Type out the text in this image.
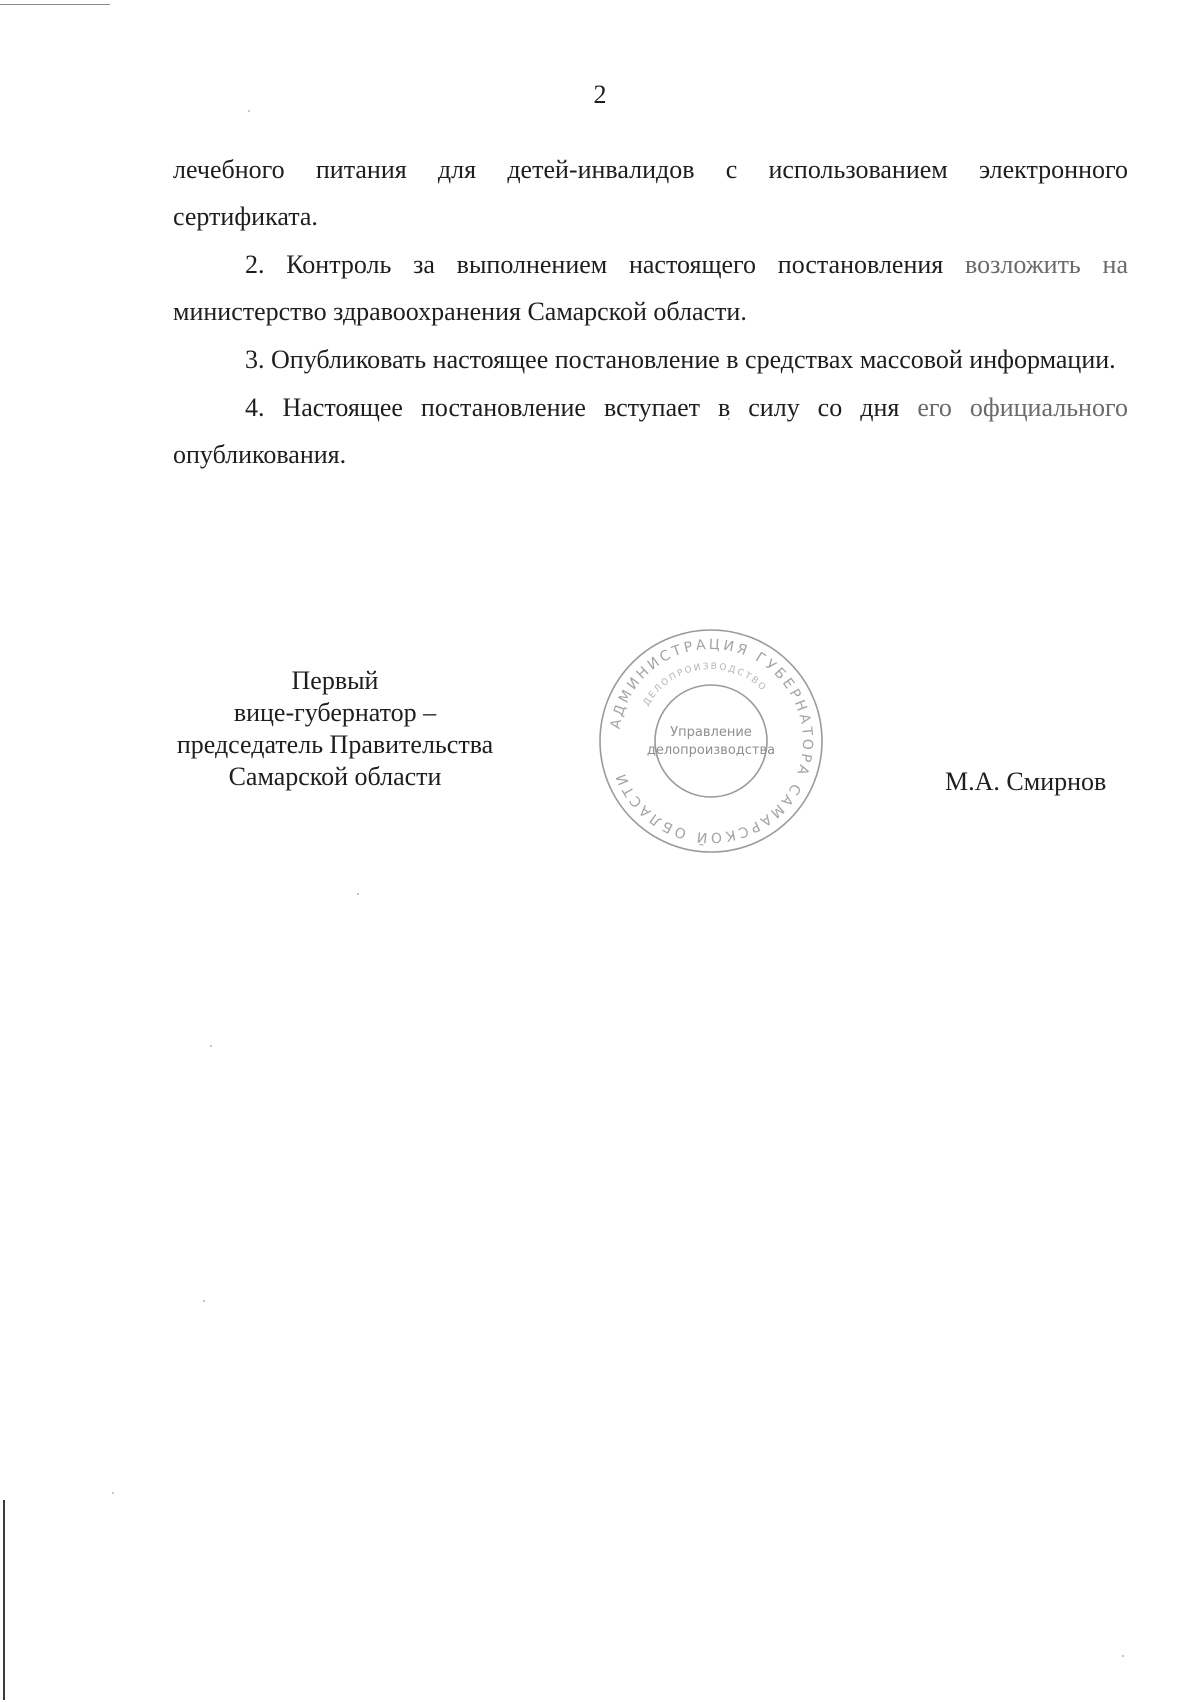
2

лечебного питания для детей-инвалидов с использованием электронного сертификата.

2. Контроль за выполнением настоящего постановления возложить на министерство здравоохранения Самарской области.

3. Опубликовать настоящее постановление в средствах массовой информации.

4. Настоящее постановление вступает в силу со дня его официального опубликования.

Первый
вице-губернатор –
председатель Правительства
Самарской области
АДМИНИСТРАЦИЯ ГУБЕРНАТОРА САМАРСКОЙ ОБЛАСТИ
ДЕЛОПРОИЗВОДСТВО
Управление
делопроизводства
М.А. Смирнов
